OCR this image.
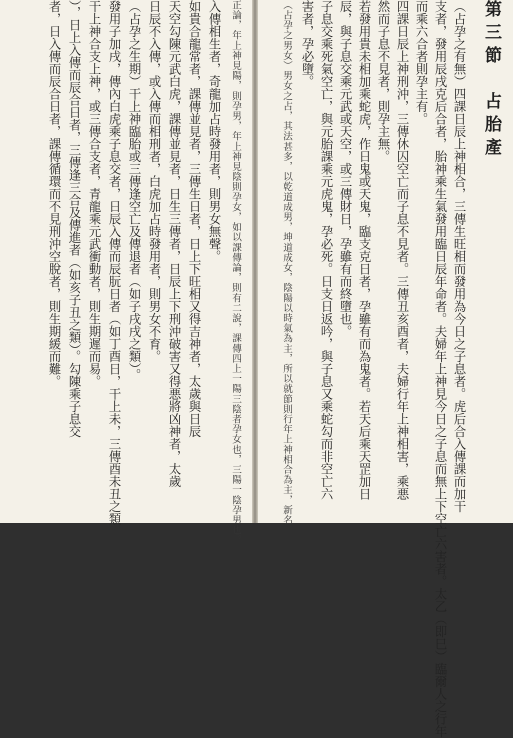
第三節　占胎產
（占孕之有無）四課日辰上神相合，三傳生旺相而發用為今日之子息者。虎后合入傳課而加干
支者，發用辰戌克后合者，胎神乘生氣發用臨日辰年命者。夫婦年上神見今日之子息而無上下空亡六害者。太乙（即巳）臨爾人之行年
而乘六合者則孕主有。
四課日辰上神刑沖，三傳休囚空亡而子息不見者。三傳丑亥酉者，夫婦行年上神相害，乘悪
然而子息不見者，則孕主無。
若發用貴未相加乘蛇虎，作日鬼或天鬼，臨支克日者，孕雖有而為鬼者。若天后乘天罡加日
辰，與子息交乘元武或天空，或三傳財日，孕雖有而終墮也。
子息交乘死氣空亡，與元胎課乘元虎鬼，孕必死。日支日返吟，與子息又乘蛇勾而非空亡六
害者，孕必墮。
（占孕之男女）男女之占，其法甚多，以乾道成男，坤道成女，陰陽以時氣為主，所以就節則行年上神相合為主，新名
正論，年上神見陽，則孕男，年上神見陰則孕女，如以課傳論，則有二說，課傳四上一陽三陰者孕女也，三陽一陰孕男也。
入傳相生者，奇龍加占時發用者，則男女無聲。
如貴合龍常者，課傳並見者，三傳生日者，日上下旺相又得吉神者，太歲與日辰
天空勾陳元武白虎，課傳並見者，日生三傳者，日辰上下刑沖破害又得悪將凶神者，太歲
日辰不入傳，或入傳而相刑者，白虎加占時發用者，則男女不育。
（占孕之生期）干上神臨胎或三傳逢空亡及傳退者（如子戌戌之類）。
發用子加戌，傳內白虎乘子息交者，日辰入傳而辰朊日者（如丁酉日，干上未，三傳酉未丑之類
干上神合支上神，或三傳合支者，青龍乘元武衝動者，則生期遲而易。
），日上入傳而辰合日者，三傳逢三合及傳進者（如亥子丑之類）。勾陳乘子息交
者，日入傳而辰合日者，課傳循環而不見刑沖空脫者，則生期緩而難。
